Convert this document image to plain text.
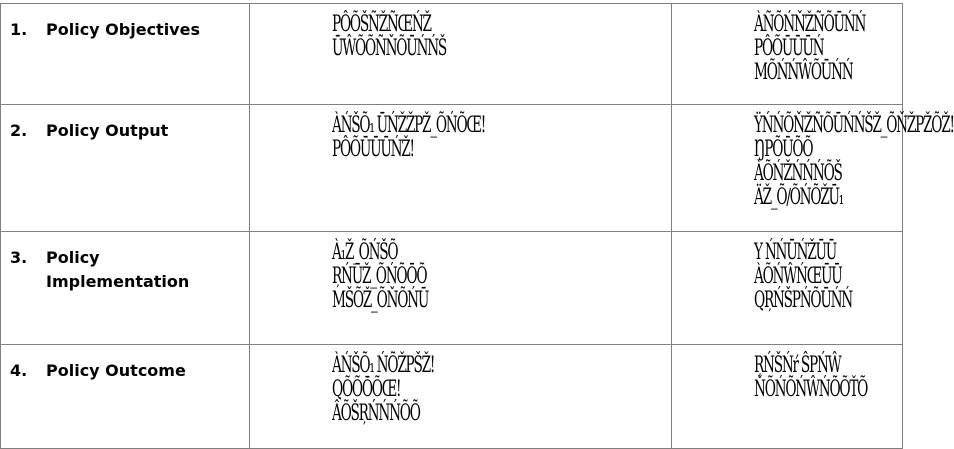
1. Policy Objectives	PÔÕŠÑŽÑŒŃŽ
ŪŴÕÕÑŇÕŪŃŃŠ	ÀÑÕŃŇŽÑÕŪŃŃ
PÔÕŪŪŪŃ
MÕŃŃŴÕŪŃŃ

2. Policy Output	ÀŃŠÕ₁ ŪŃŽŽPŽ_ÕŃÕŒ!
PÔÕŪŪŪŃŽ!	ŸŃŃÕŇŽÑÕŪŃŃŠŽ_ÕŇŽPŽÕŽ!
ŊPÕŪÕÕ
ÀÕŃŽŃŃŃÕŠ
ÄŽ_Õ∕ÕŃÕŽŪ₁

3. Policy Implementation	À₁Ž_ÕŃŠÕ
ŖŃŪŽ_ÕŃÕŌÕ
MŠÕŽ_ÕŇÕŃŪ	Y ŃŃŪŃŽŪŪ
ÀÕŃŴŃŒŪŪ
QŖŃŠPŃÕŪŃŃ

4. Policy Outcome	ÀŃŠÕ₁ ŃÕŽPŠŽ!
QÕÕŌÕŒ!
ÂÕŠŖŃŃŃÕÕ	ŖŃŠŃŕ ŜPŃŴ
ŇÕŃÕŃŴŃÕÕŤÕ
